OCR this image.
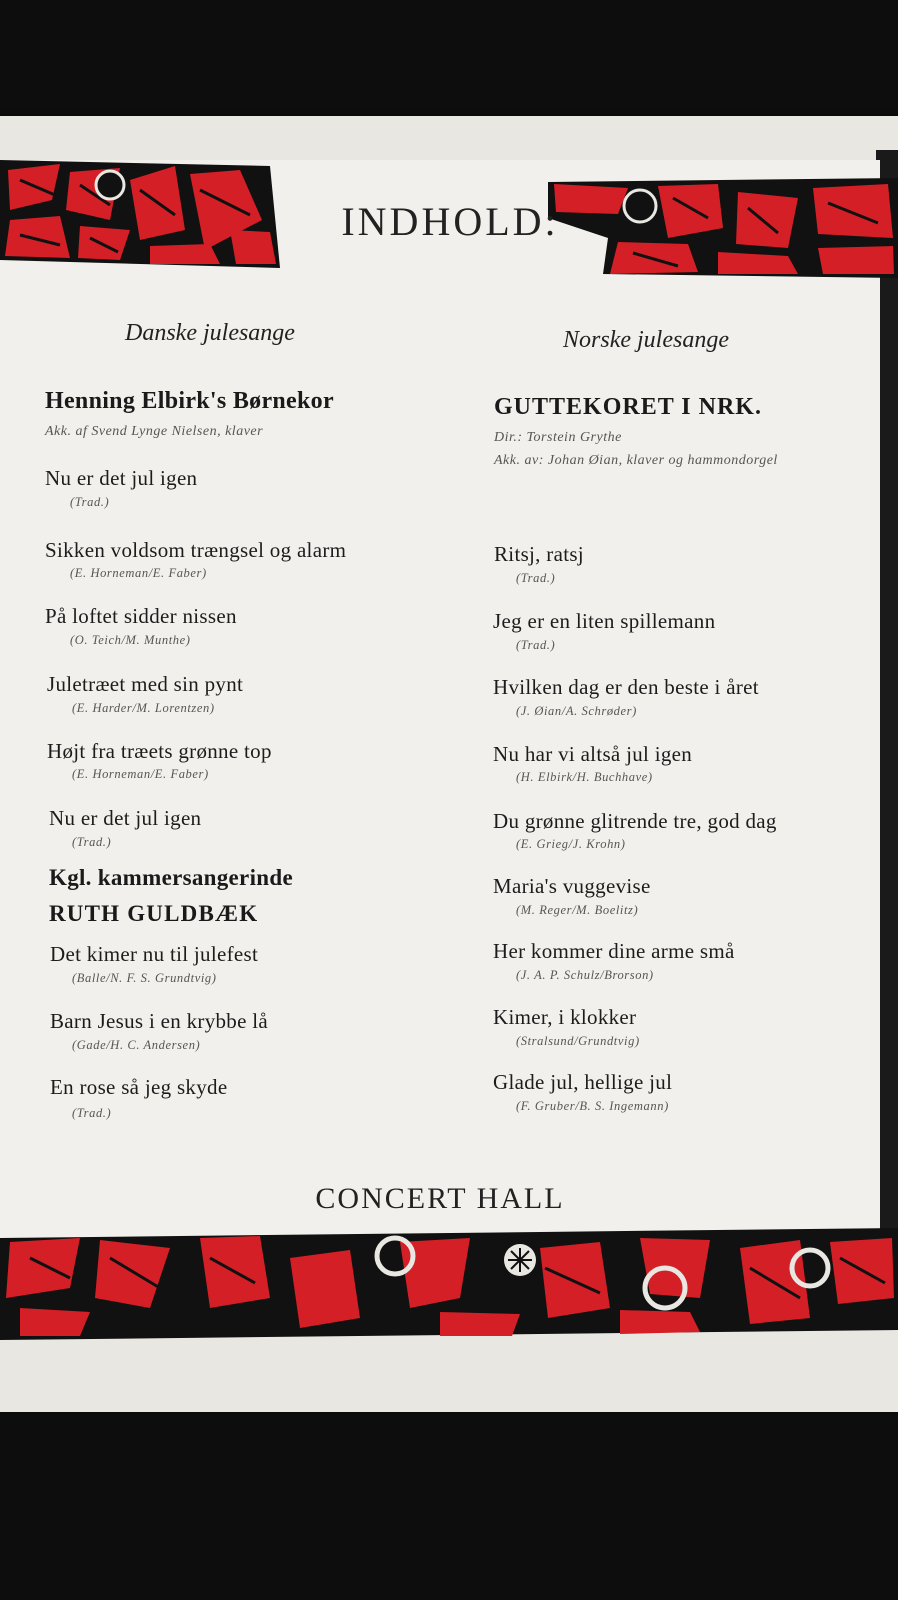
INDHOLD:
Danske julesange	Norske julesange
Henning Elbirk's Børnekor
Akk. af Svend Lynge Nielsen, klaver
Nu er det jul igen
(Trad.)
Sikken voldsom trængsel og alarm
(E. Horneman/E. Faber)
På loftet sidder nissen
(O. Teich/M. Munthe)
Juletræet med sin pynt
(E. Harder/M. Lorentzen)
Højt fra træets grønne top
(E. Horneman/E. Faber)
Nu er det jul igen
(Trad.)
Kgl. kammersangerinde
RUTH GULDBÆK
Det kimer nu til julefest
(Balle/N. F. S. Grundtvig)
Barn Jesus i en krybbe lå
(Gade/H. C. Andersen)
En rose så jeg skyde
(Trad.)
GUTTEKORET I NRK.
Dir.: Torstein Grythe
Akk. av: Johan Øian, klaver og hammondorgel
Ritsj, ratsj
(Trad.)
Jeg er en liten spillemann
(Trad.)
Hvilken dag er den beste i året
(J. Øian/A. Schrøder)
Nu har vi altså jul igen
(H. Elbirk/H. Buchhave)
Du grønne glitrende tre, god dag
(E. Grieg/J. Krohn)
Maria's vuggevise
(M. Reger/M. Boelitz)
Her kommer dine arme små
(J. A. P. Schulz/Brorson)
Kimer, i klokker
(Stralsund/Grundtvig)
Glade jul, hellige jul
(F. Gruber/B. S. Ingemann)
CONCERT HALL
